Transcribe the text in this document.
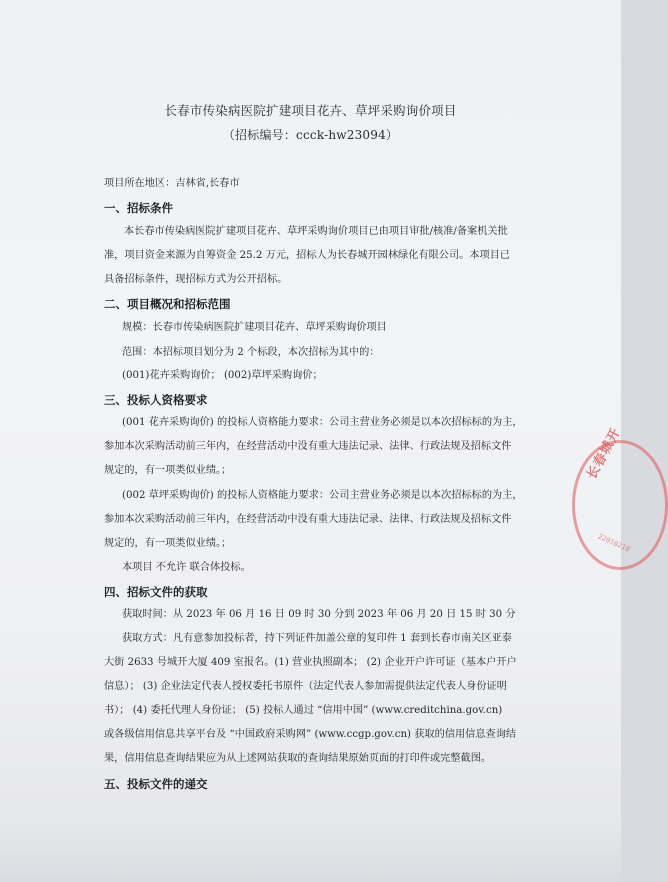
长春市传染病医院扩建项目花卉、草坪采购询价项目
（招标编号：ccck-hw23094）
项目所在地区：吉林省,长春市
一、招标条件
本长春市传染病医院扩建项目花卉、草坪采购询价项目已由项目审批/核准/备案机关批
准，项目资金来源为自筹资金 25.2 万元，招标人为长春城开园林绿化有限公司。本项目已
具备招标条件，现招标方式为公开招标。
二、项目概况和招标范围
规模：长春市传染病医院扩建项目花卉、草坪采购询价项目
范围：本招标项目划分为 2 个标段，本次招标为其中的：
(001)花卉采购询价； (002)草坪采购询价；
三、投标人资格要求
(001 花卉采购询价) 的投标人资格能力要求：公司主营业务必须是以本次招标标的为主，
参加本次采购活动前三年内，在经营活动中没有重大违法记录、法律、行政法规及招标文件
规定的，有一项类似业绩。；
(002 草坪采购询价) 的投标人资格能力要求：公司主营业务必须是以本次招标标的为主，
参加本次采购活动前三年内，在经营活动中没有重大违法记录、法律、行政法规及招标文件
规定的，有一项类似业绩。；
本项目 不允许 联合体投标。
四、招标文件的获取
获取时间：从 2023 年 06 月 16 日 09 时 30 分到 2023 年 06 月 20 日 15 时 30 分
获取方式：凡有意参加投标者，持下列证件加盖公章的复印件 1 套到长春市南关区亚泰
大街 2633 号城开大厦 409 室报名。(1) 营业执照副本； (2) 企业开户许可证（基本户开户
信息）； (3) 企业法定代表人授权委托书原件（法定代表人参加需提供法定代表人身份证明
书）； (4) 委托代理人身份证； (5) 投标人通过 “信用中国” (www.creditchina.gov.cn)
或各级信用信息共享平台及 “中国政府采购网” (www.ccgp.gov.cn) 获取的信用信息查询结
果，信用信息查询结果应为从上述网站获取的查询结果原始页面的打印件或完整截图。
五、投标文件的递交
长春城开
22010210
